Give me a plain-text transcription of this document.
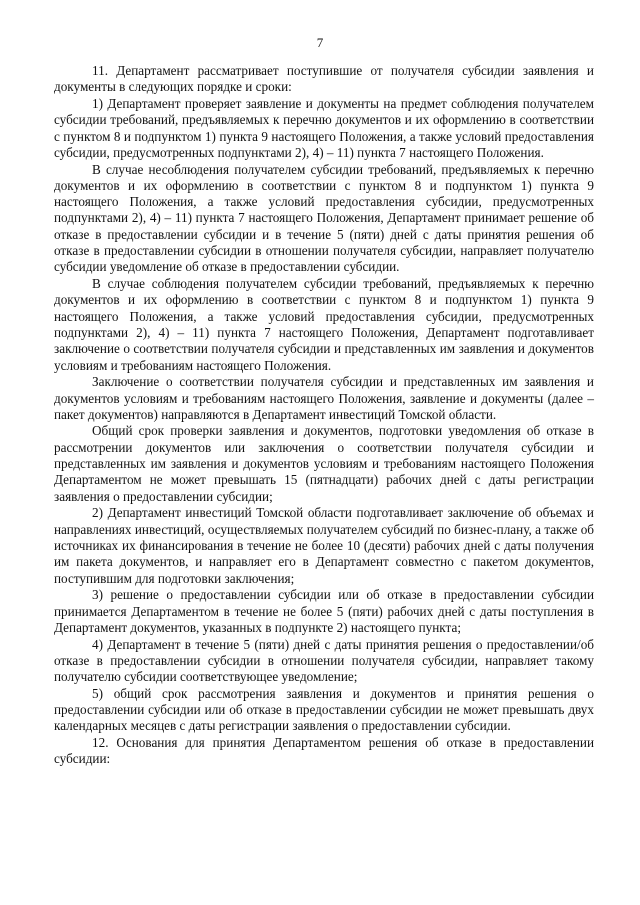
7

11. Департамент рассматривает поступившие от получателя субсидии заявления и документы в следующих порядке и сроки:

1) Департамент проверяет заявление и документы на предмет соблюдения получателем субсидии требований, предъявляемых к перечню документов и их оформлению в соответствии с пунктом 8 и подпунктом 1) пункта 9 настоящего Положения, а также условий предоставления субсидии, предусмотренных подпунктами 2), 4) – 11) пункта 7 настоящего Положения.

В случае несоблюдения получателем субсидии требований, предъявляемых к перечню документов и их оформлению в соответствии с пунктом 8 и подпунктом 1) пункта 9 настоящего Положения, а также условий предоставления субсидии, предусмотренных подпунктами 2), 4) – 11) пункта 7 настоящего Положения, Департамент принимает решение об отказе в предоставлении субсидии и в течение 5 (пяти) дней с даты принятия решения об отказе в предоставлении субсидии в отношении получателя субсидии, направляет получателю субсидии уведомление об отказе в предоставлении субсидии.

В случае соблюдения получателем субсидии требований, предъявляемых к перечню документов и их оформлению в соответствии с пунктом 8 и подпунктом 1) пункта 9 настоящего Положения, а также условий предоставления субсидии, предусмотренных подпунктами 2), 4) – 11) пункта 7 настоящего Положения, Департамент подготавливает заключение о соответствии получателя субсидии и представленных им заявления и документов условиям и требованиям настоящего Положения.

Заключение о соответствии получателя субсидии и представленных им заявления и документов условиям и требованиям настоящего Положения, заявление и документы (далее – пакет документов) направляются в Департамент инвестиций Томской области.

Общий срок проверки заявления и документов, подготовки уведомления об отказе в рассмотрении документов или заключения о соответствии получателя субсидии и представленных им заявления и документов условиям и требованиям настоящего Положения Департаментом не может превышать 15 (пятнадцати) рабочих дней с даты регистрации заявления о предоставлении субсидии;

2) Департамент инвестиций Томской области подготавливает заключение об объемах и направлениях инвестиций, осуществляемых получателем субсидий по бизнес-плану, а также об источниках их финансирования в течение не более 10 (десяти) рабочих дней с даты получения им пакета документов, и направляет его в Департамент совместно с пакетом документов, поступившим для подготовки заключения;

3) решение о предоставлении субсидии или об отказе в предоставлении субсидии принимается Департаментом в течение не более 5 (пяти) рабочих дней с даты поступления в Департамент документов, указанных в подпункте 2) настоящего пункта;

4) Департамент в течение 5 (пяти) дней с даты принятия решения о предоставлении/об отказе в предоставлении субсидии в отношении получателя субсидии, направляет такому получателю субсидии соответствующее уведомление;

5) общий срок рассмотрения заявления и документов и принятия решения о предоставлении субсидии или об отказе в предоставлении субсидии не может превышать двух календарных месяцев с даты регистрации заявления о предоставлении субсидии.

12. Основания для принятия Департаментом решения об отказе в предоставлении субсидии:
